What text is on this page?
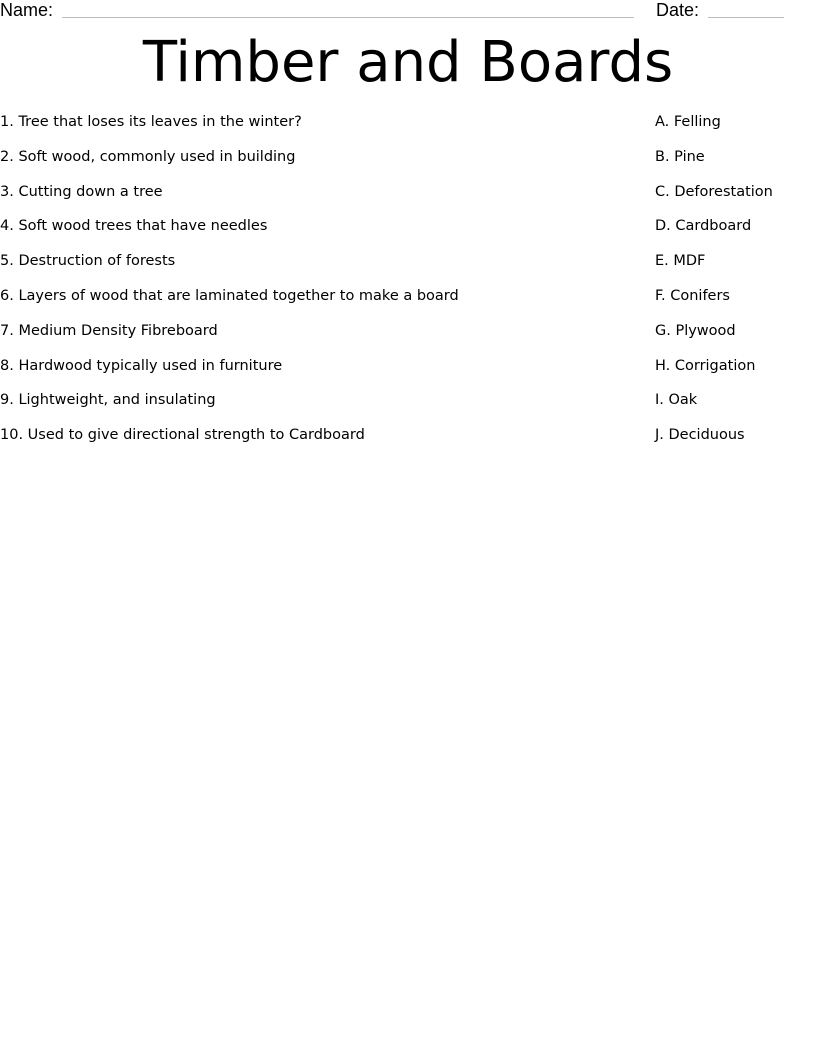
Name:	Date:
Timber and Boards
1. Tree that loses its leaves in the winter?
2. Soft wood, commonly used in building
3. Cutting down a tree
4. Soft wood trees that have needles
5. Destruction of forests
6. Layers of wood that are laminated together to make a board
7. Medium Density Fibreboard
8. Hardwood typically used in furniture
9. Lightweight, and insulating
10. Used to give directional strength to Cardboard
A. Felling
B. Pine
C. Deforestation
D. Cardboard
E. MDF
F. Conifers
G. Plywood
H. Corrigation
I. Oak
J. Deciduous
